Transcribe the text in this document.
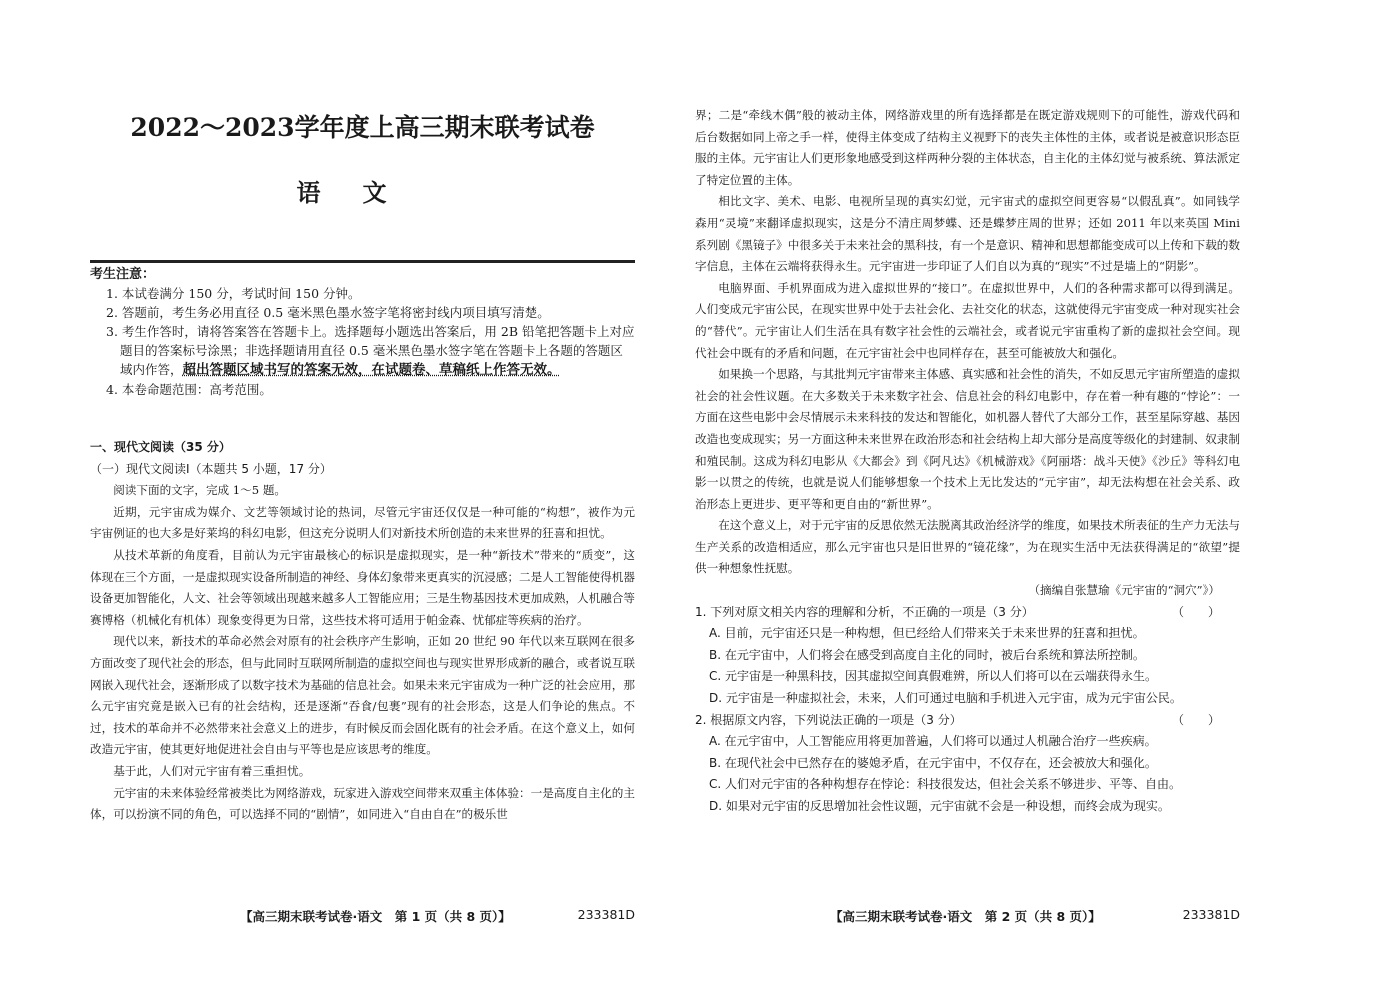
2022～2023学年度上高三期末联考试卷
语文
考生注意：
1. 本试卷满分 150 分，考试时间 150 分钟。
2. 答题前，考生务必用直径 0.5 毫米黑色墨水签字笔将密封线内项目填写清楚。
3. 考生作答时，请将答案答在答题卡上。选择题每小题选出答案后，用 2B 铅笔把答题卡上对应题目的答案标号涂黑；非选择题请用直径 0.5 毫米黑色墨水签字笔在答题卡上各题的答题区域内作答，超出答题区域书写的答案无效，在试题卷、草稿纸上作答无效。
4. 本卷命题范围：高考范围。

一、现代文阅读（35 分）

（一）现代文阅读Ⅰ（本题共 5 小题，17 分）

阅读下面的文字，完成 1～5 题。

近期，元宇宙成为媒介、文艺等领域讨论的热词，尽管元宇宙还仅仅是一种可能的“构想”，被作为元宇宙例证的也大多是好莱坞的科幻电影，但这充分说明人们对新技术所创造的未来世界的狂喜和担忧。

从技术革新的角度看，目前认为元宇宙最核心的标识是虚拟现实，是一种“新技术”带来的“质变”，这体现在三个方面，一是虚拟现实设备所制造的神经、身体幻象带来更真实的沉浸感；二是人工智能使得机器设备更加智能化，人文、社会等领域出现越来越多人工智能应用；三是生物基因技术更加成熟，人机融合等赛博格（机械化有机体）现象变得更为日常，这些技术将可适用于帕金森、忧郁症等疾病的治疗。

现代以来，新技术的革命必然会对原有的社会秩序产生影响，正如 20 世纪 90 年代以来互联网在很多方面改变了现代社会的形态，但与此同时互联网所制造的虚拟空间也与现实世界形成新的融合，或者说互联网嵌入现代社会，逐渐形成了以数字技术为基础的信息社会。如果未来元宇宙成为一种广泛的社会应用，那么元宇宙究竟是嵌入已有的社会结构，还是逐渐“吞食/包裹”现有的社会形态，这是人们争论的焦点。不过，技术的革命并不必然带来社会意义上的进步，有时候反而会固化既有的社会矛盾。在这个意义上，如何改造元宇宙，使其更好地促进社会自由与平等也是应该思考的维度。

基于此，人们对元宇宙有着三重担忧。

元宇宙的未来体验经常被类比为网络游戏，玩家进入游戏空间带来双重主体体验：一是高度自主化的主体，可以扮演不同的角色，可以选择不同的“剧情”，如同进入“自由自在”的极乐世

【高三期末联考试卷·语文　第 1 页（共 8 页）】	233381D

界；二是“牵线木偶”般的被动主体，网络游戏里的所有选择都是在既定游戏规则下的可能性，游戏代码和后台数据如同上帝之手一样，使得主体变成了结构主义视野下的丧失主体性的主体，或者说是被意识形态臣服的主体。元宇宙让人们更形象地感受到这样两种分裂的主体状态，自主化的主体幻觉与被系统、算法派定了特定位置的主体。

相比文字、美术、电影、电视所呈现的真实幻觉，元宇宙式的虚拟空间更容易“以假乱真”。如同钱学森用“灵境”来翻译虚拟现实，这是分不清庄周梦蝶、还是蝶梦庄周的世界；还如 2011 年以来英国 Mini 系列剧《黑镜子》中很多关于未来社会的黑科技，有一个是意识、精神和思想都能变成可以上传和下载的数字信息，主体在云端将获得永生。元宇宙进一步印证了人们自以为真的“现实”不过是墙上的“阴影”。

电脑界面、手机界面成为进入虚拟世界的“接口”。在虚拟世界中，人们的各种需求都可以得到满足。人们变成元宇宙公民，在现实世界中处于去社会化、去社交化的状态，这就使得元宇宙变成一种对现实社会的“替代”。元宇宙让人们生活在具有数字社会性的云端社会，或者说元宇宙重构了新的虚拟社会空间。现代社会中既有的矛盾和问题，在元宇宙社会中也同样存在，甚至可能被放大和强化。

如果换一个思路，与其批判元宇宙带来主体感、真实感和社会性的消失，不如反思元宇宙所塑造的虚拟社会的社会性议题。在大多数关于未来数字社会、信息社会的科幻电影中，存在着一种有趣的“悖论”：一方面在这些电影中会尽情展示未来科技的发达和智能化，如机器人替代了大部分工作，甚至星际穿越、基因改造也变成现实；另一方面这种未来世界在政治形态和社会结构上却大部分是高度等级化的封建制、奴隶制和殖民制。这成为科幻电影从《大都会》到《阿凡达》《机械游戏》《阿丽塔：战斗天使》《沙丘》等科幻电影一以贯之的传统，也就是说人们能够想象一个技术上无比发达的“元宇宙”，却无法构想在社会关系、政治形态上更进步、更平等和更自由的“新世界”。

在这个意义上，对于元宇宙的反思依然无法脱离其政治经济学的维度，如果技术所表征的生产力无法与生产关系的改造相适应，那么元宇宙也只是旧世界的“镜花缘”，为在现实生活中无法获得满足的“欲望”提供一种想象性抚慰。

（摘编自张慧瑜《元宇宙的“洞穴”》）

1. 下列对原文相关内容的理解和分析，不正确的一项是（3 分）	（　　）

A. 目前，元宇宙还只是一种构想，但已经给人们带来关于未来世界的狂喜和担忧。

B. 在元宇宙中，人们将会在感受到高度自主化的同时，被后台系统和算法所控制。

C. 元宇宙是一种黑科技，因其虚拟空间真假难辨，所以人们将可以在云端获得永生。

D. 元宇宙是一种虚拟社会，未来，人们可通过电脑和手机进入元宇宙，成为元宇宙公民。

2. 根据原文内容，下列说法正确的一项是（3 分）	（　　）

A. 在元宇宙中，人工智能应用将更加普遍，人们将可以通过人机融合治疗一些疾病。

B. 在现代社会中已然存在的婆媳矛盾，在元宇宙中，不仅存在，还会被放大和强化。

C. 人们对元宇宙的各种构想存在悖论：科技很发达，但社会关系不够进步、平等、自由。

D. 如果对元宇宙的反思增加社会性议题，元宇宙就不会是一种设想，而终会成为现实。

【高三期末联考试卷·语文　第 2 页（共 8 页）】	233381D
